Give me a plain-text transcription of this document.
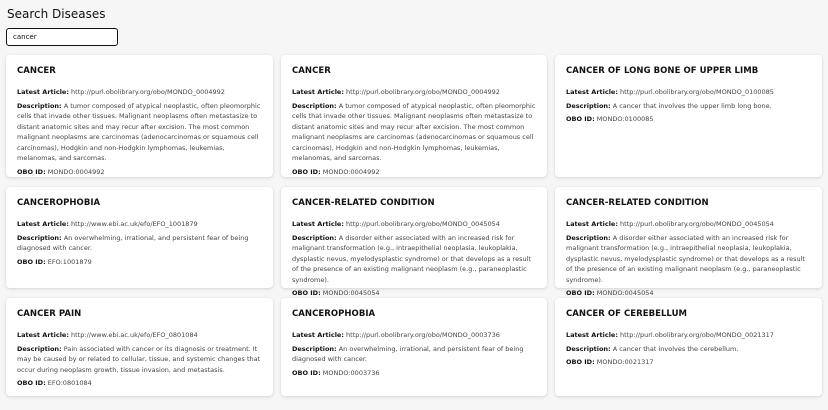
Search Diseases
cancer
CANCER
Latest Article: http://purl.obolibrary.org/obo/MONDO_0004992
Description: A tumor composed of atypical neoplastic, often pleomorphic cells that invade other tissues. Malignant neoplasms often metastasize to distant anatomic sites and may recur after excision. The most common malignant neoplasms are carcinomas (adenocarcinomas or squamous cell carcinomas), Hodgkin and non-Hodgkin lymphomas, leukemias, melanomas, and sarcomas.
OBO ID: MONDO:0004992
CANCER
Latest Article: http://purl.obolibrary.org/obo/MONDO_0004992
Description: A tumor composed of atypical neoplastic, often pleomorphic cells that invade other tissues. Malignant neoplasms often metastasize to distant anatomic sites and may recur after excision. The most common malignant neoplasms are carcinomas (adenocarcinomas or squamous cell carcinomas), Hodgkin and non-Hodgkin lymphomas, leukemias, melanomas, and sarcomas.
OBO ID: MONDO:0004992
CANCER OF LONG BONE OF UPPER LIMB
Latest Article: http://purl.obolibrary.org/obo/MONDO_0100085
Description: A cancer that involves the upper limb long bone.
OBO ID: MONDO:0100085
CANCEROPHOBIA
Latest Article: http://www.ebi.ac.uk/efo/EFO_1001879
Description: An overwhelming, irrational, and persistent fear of being diagnosed with cancer.
OBO ID: EFO:1001879
CANCER-RELATED CONDITION
Latest Article: http://purl.obolibrary.org/obo/MONDO_0045054
Description: A disorder either associated with an increased risk for malignant transformation (e.g., intraepithelial neoplasia, leukoplakia, dysplastic nevus, myelodysplastic syndrome) or that develops as a result of the presence of an existing malignant neoplasm (e.g., paraneoplastic syndrome).
OBO ID: MONDO:0045054
CANCER-RELATED CONDITION
Latest Article: http://purl.obolibrary.org/obo/MONDO_0045054
Description: A disorder either associated with an increased risk for malignant transformation (e.g., intraepithelial neoplasia, leukoplakia, dysplastic nevus, myelodysplastic syndrome) or that develops as a result of the presence of an existing malignant neoplasm (e.g., paraneoplastic syndrome).
OBO ID: MONDO:0045054
CANCER PAIN
Latest Article: http://www.ebi.ac.uk/efo/EFO_0801084
Description: Pain associated with cancer or its diagnosis or treatment. It may be caused by or related to cellular, tissue, and systemic changes that occur during neoplasm growth, tissue invasion, and metastasis.
OBO ID: EFO:0801084
CANCEROPHOBIA
Latest Article: http://purl.obolibrary.org/obo/MONDO_0003736
Description: An overwhelming, irrational, and persistent fear of being diagnosed with cancer.
OBO ID: MONDO:0003736
CANCER OF CEREBELLUM
Latest Article: http://purl.obolibrary.org/obo/MONDO_0021317
Description: A cancer that involves the cerebellum.
OBO ID: MONDO:0021317
